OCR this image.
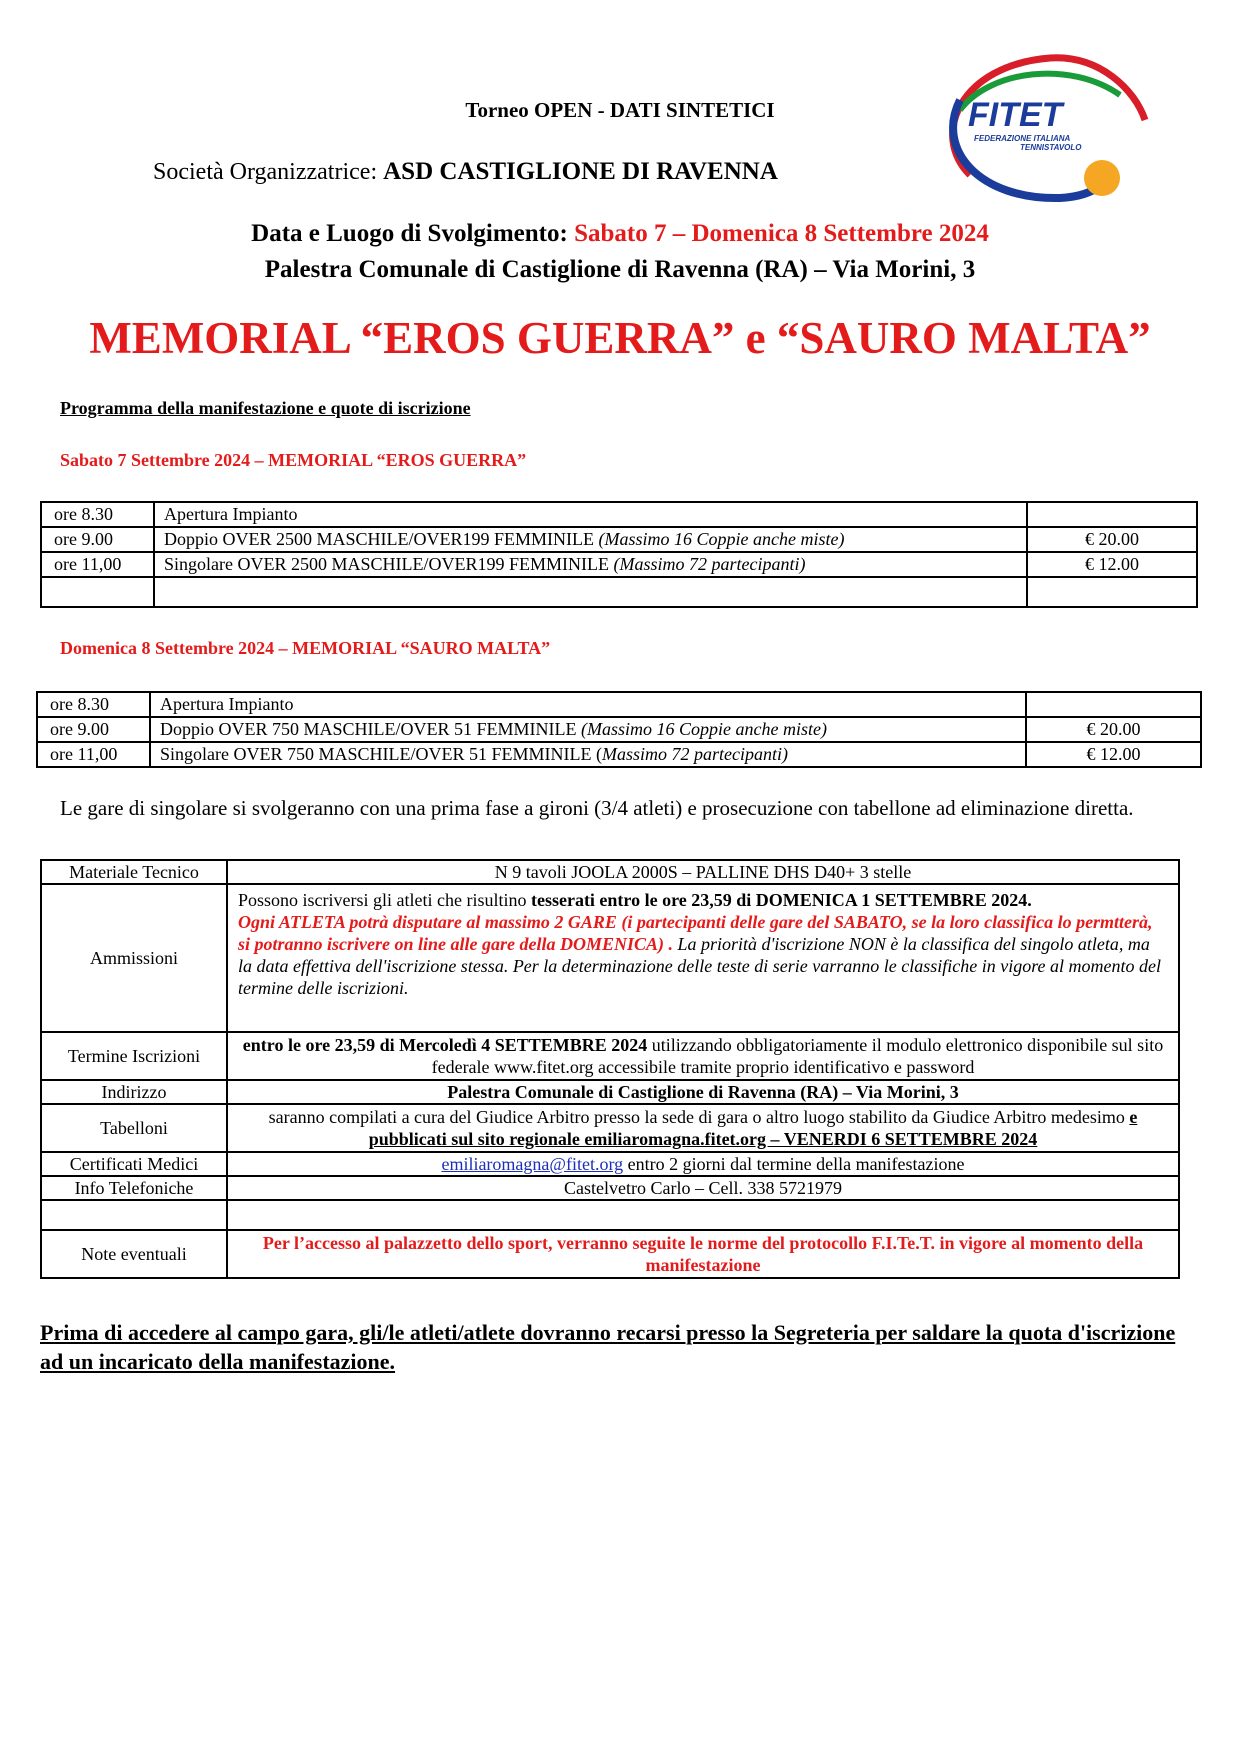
Torneo OPEN - DATI SINTETICI
Società Organizzatrice: ASD CASTIGLIONE DI RAVENNA
Data e Luogo di Svolgimento: Sabato 7 – Domenica 8 Settembre 2024
Palestra Comunale di Castiglione di Ravenna (RA) – Via Morini, 3
MEMORIAL “EROS GUERRA” e “SAURO MALTA”
FITET
FEDERAZIONE ITALIANA
TENNISTAVOLO
Programma della manifestazione e quote di iscrizione
Sabato 7 Settembre 2024 – MEMORIAL “EROS GUERRA”
ore 8.30	Apertura Impianto	
ore 9.00	Doppio OVER 2500 MASCHILE/OVER199 FEMMINILE (Massimo 16 Coppie anche miste)	€ 20.00
ore 11,00	Singolare OVER 2500 MASCHILE/OVER199 FEMMINILE (Massimo 72 partecipanti)	€ 12.00

Domenica 8 Settembre 2024 – MEMORIAL “SAURO MALTA”
ore 8.30	Apertura Impianto	
ore 9.00	Doppio OVER 750 MASCHILE/OVER 51 FEMMINILE (Massimo 16 Coppie anche miste)	€ 20.00
ore 11,00	Singolare OVER 750 MASCHILE/OVER 51 FEMMINILE (Massimo 72 partecipanti)	€ 12.00
Le gare di singolare si svolgeranno con una prima fase a gironi (3/4 atleti) e prosecuzione con tabellone ad eliminazione diretta.
Materiale Tecnico	N 9 tavoli JOOLA 2000S – PALLINE DHS D40+ 3 stelle
Ammissioni	Possono iscriversi gli atleti che risultino tesserati entro le ore 23,59 di DOMENICA 1 SETTEMBRE 2024.
Ogni ATLETA potrà disputare al massimo 2 GARE (i partecipanti delle gare del SABATO, se la loro classifica lo permtterà, si potranno iscrivere on line alle gare della DOMENICA) . La priorità d'iscrizione NON è la classifica del singolo atleta, ma la data effettiva dell'iscrizione stessa. Per la determinazione delle teste di serie varranno le classifiche in vigore al momento del termine delle iscrizioni.
Termine Iscrizioni	entro le ore 23,59 di Mercoledì 4 SETTEMBRE 2024 utilizzando obbligatoriamente il modulo elettronico disponibile sul sito federale www.fitet.org accessibile tramite proprio identificativo e password
Indirizzo	Palestra Comunale di Castiglione di Ravenna (RA) – Via Morini, 3
Tabelloni	saranno compilati a cura del Giudice Arbitro presso la sede di gara o altro luogo stabilito da Giudice Arbitro medesimo e pubblicati sul sito regionale emiliaromagna.fitet.org – VENERDI 6 SETTEMBRE 2024
Certificati Medici	emiliaromagna@fitet.org entro 2 giorni dal termine della manifestazione
Info Telefoniche	Castelvetro Carlo – Cell. 338 5721979

Note eventuali	Per l’accesso al palazzetto dello sport, verranno seguite le norme del protocollo F.I.Te.T. in vigore al momento della manifestazione
Prima di accedere al campo gara, gli/le atleti/atlete dovranno recarsi presso la Segreteria per saldare la quota d'iscrizione ad un incaricato della manifestazione.
